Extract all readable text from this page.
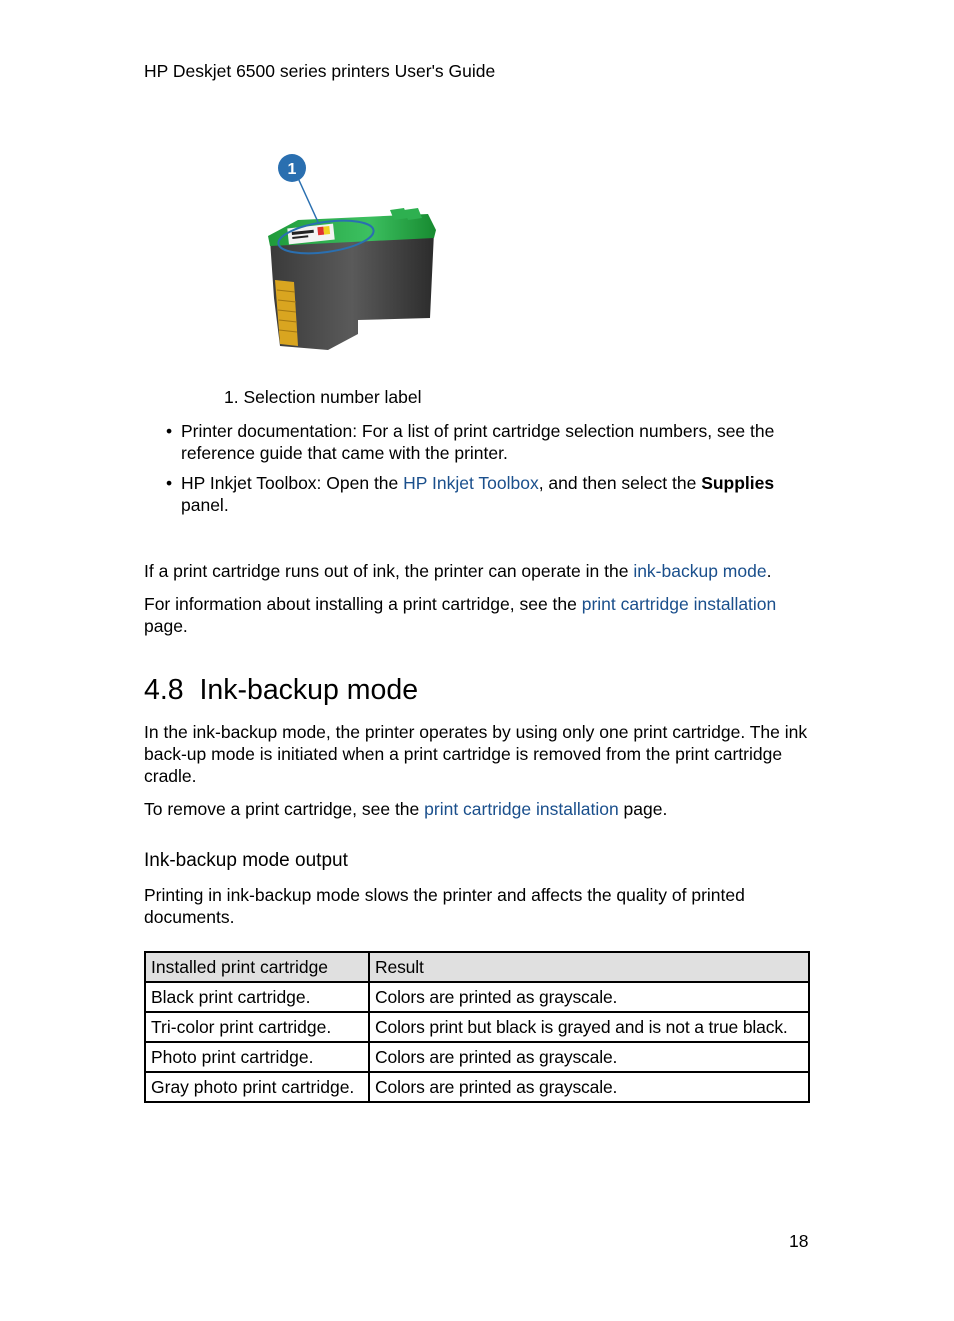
HP Deskjet 6500 series printers User's Guide
1
1. Selection number label
• Printer documentation: For a list of print cartridge selection numbers, see the reference guide that came with the printer.
• HP Inkjet Toolbox: Open the HP Inkjet Toolbox, and then select the Supplies panel.

If a print cartridge runs out of ink, the printer can operate in the ink-backup mode.

For information about installing a print cartridge, see the print cartridge installation page.

4.8  Ink-backup mode

In the ink-backup mode, the printer operates by using only one print cartridge. The ink back-up mode is initiated when a print cartridge is removed from the print cartridge cradle.

To remove a print cartridge, see the print cartridge installation page.

Ink-backup mode output

Printing in ink-backup mode slows the printer and affects the quality of printed documents.

Installed print cartridge	Result
Black print cartridge.	Colors are printed as grayscale.
Tri-color print cartridge.	Colors print but black is grayed and is not a true black.
Photo print cartridge.	Colors are printed as grayscale.
Gray photo print cartridge.	Colors are printed as grayscale.
18
